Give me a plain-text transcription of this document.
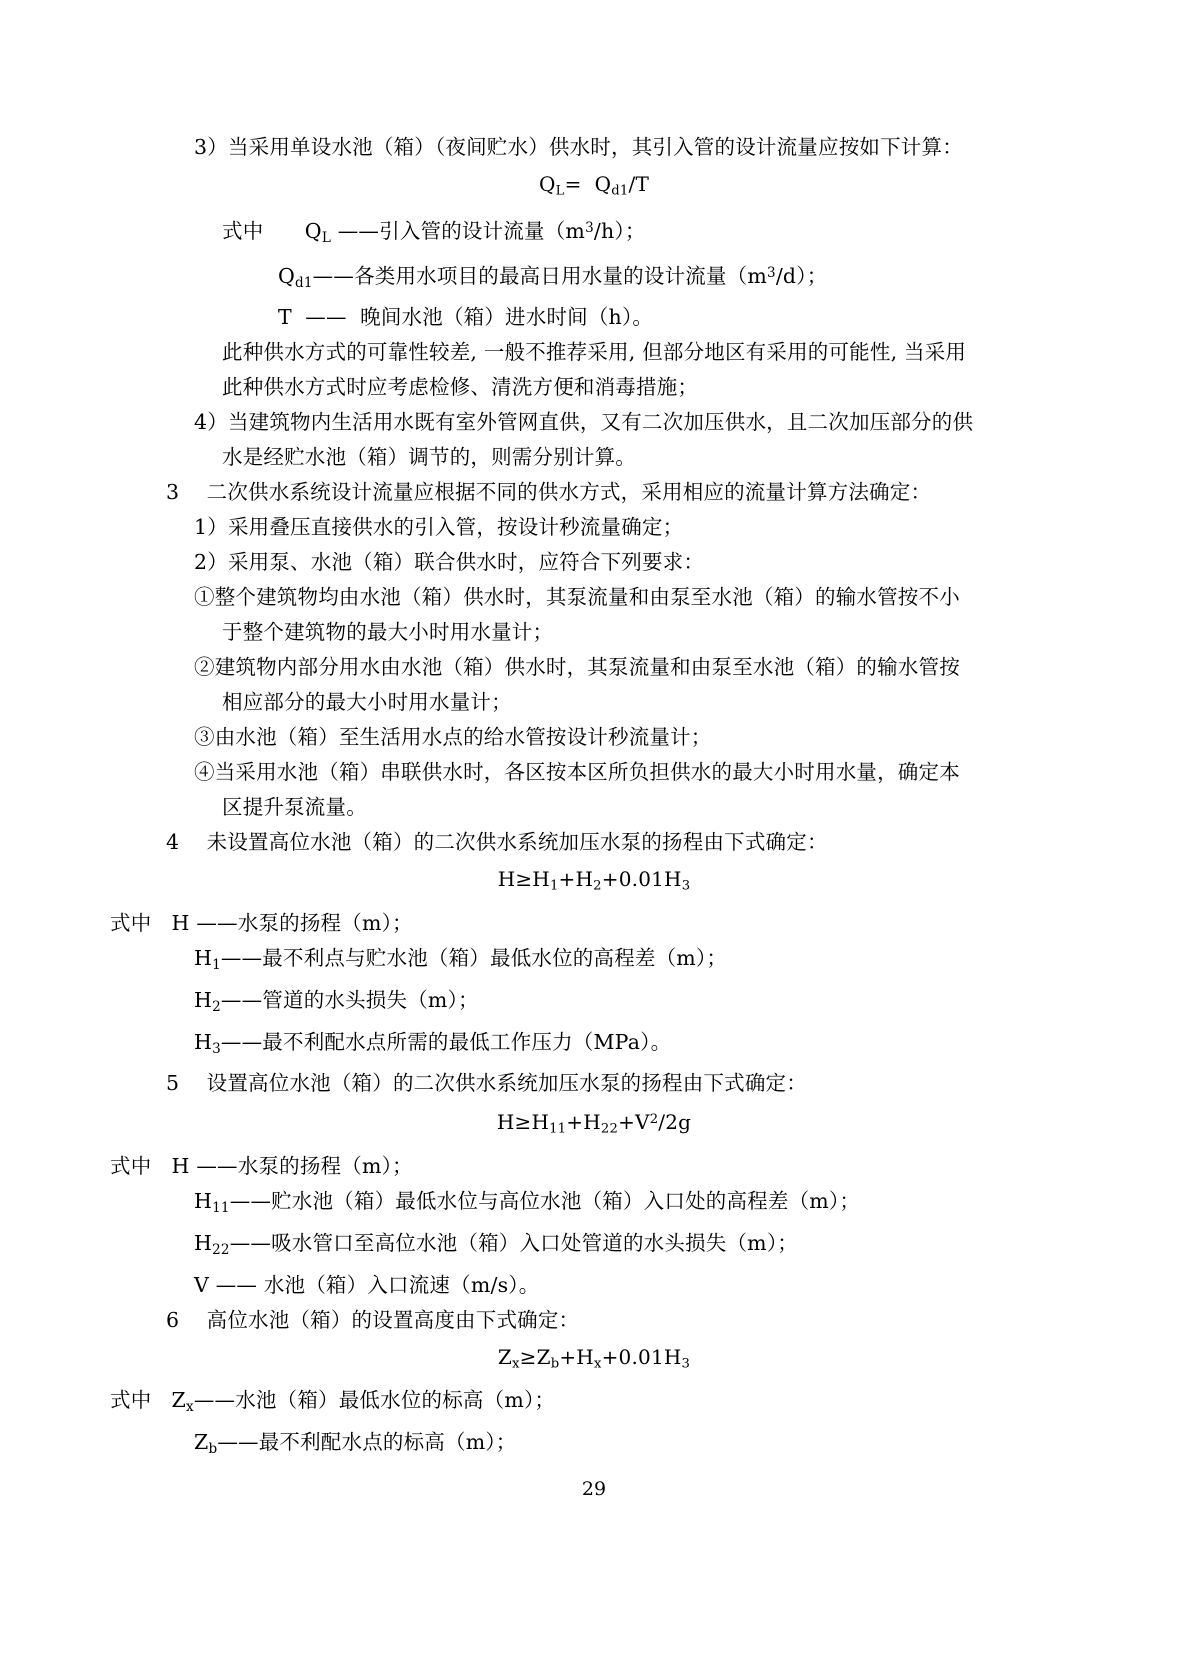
3）当采用单设水池（箱）（夜间贮水）供水时，其引入管的设计流量应按如下计算：
$Q_L= Q_{d1}/T$
式中　　$Q_L$ ——引入管的设计流量$(m^3/h)$；
$Q_{d1}——$各类用水项目的最高日用水量的设计流量$(m^3/d)$；
T  ——  晚间水池（箱）进水时间（h）。
此种供水方式的可靠性较差, 一般不推荐采用, 但部分地区有采用的可能性, 当采用
此种供水方式时应考虑检修、清洗方便和消毒措施；
4）当建筑物内生活用水既有室外管网直供，又有二次加压供水，且二次加压部分的供
水是经贮水池（箱）调节的，则需分别计算。
3　 二次供水系统设计流量应根据不同的供水方式，采用相应的流量计算方法确定：
1）采用叠压直接供水的引入管，按设计秒流量确定；
2）采用泵、水池（箱）联合供水时，应符合下列要求：
①整个建筑物均由水池（箱）供水时，其泵流量和由泵至水池（箱）的输水管按不小
于整个建筑物的最大小时用水量计；
②建筑物内部分用水由水池（箱）供水时，其泵流量和由泵至水池（箱）的输水管按
相应部分的最大小时用水量计；
③由水池（箱）至生活用水点的给水管按设计秒流量计；
④当采用水池（箱）串联供水时，各区按本区所负担供水的最大小时用水量，确定本
区提升泵流量。
4　 未设置高位水池（箱）的二次供水系统加压水泵的扬程由下式确定：
$H\ge H_1+H_2+0.01H_3$
式中   H ——水泵的扬程（m）；
$H_1——$最不利点与贮水池（箱）最低水位的高程差（m）；
$H_2——$管道的水头损失（m）；
$H_3——$最不利配水点所需的最低工作压力（MPa）。
5　 设置高位水池（箱）的二次供水系统加压水泵的扬程由下式确定：
$H\ge H_{11}+H_{22}+V^2/2g$
式中   H ——水泵的扬程（m）；
$H_{11}——$贮水池（箱）最低水位与高位水池（箱）入口处的高程差（m）；
$H_{22}——$吸水管口至高位水池（箱）入口处管道的水头损失（m）；
V —— 水池（箱）入口流速（m/s）。
6　 高位水池（箱）的设置高度由下式确定：
$Z_x\ge Z_b+H_x+0.01H_3$
式中   $Z_x——$水池（箱）最低水位的标高（m）；
$Z_b——$最不利配水点的标高（m）；
29
